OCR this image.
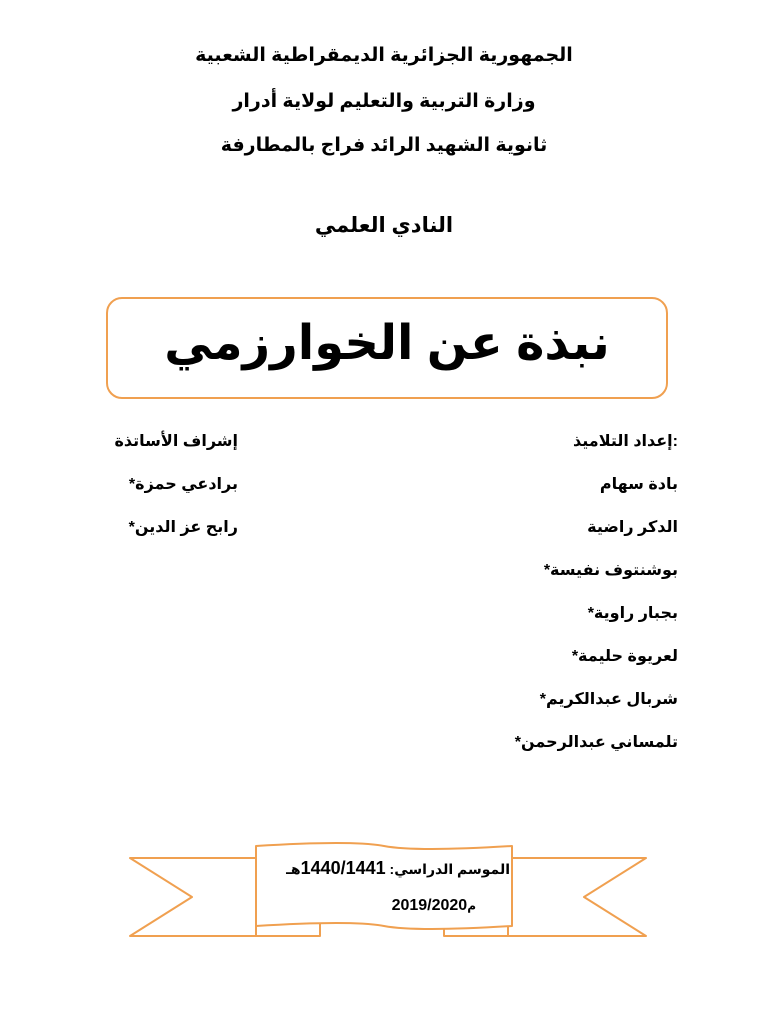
الجمهورية الجزائرية الديمقراطية الشعبية
وزارة التربية والتعليم لولاية أدرار
ثانوية الشهيد الرائد فراج بالمطارفة
النادي العلمي
نبذة عن الخوارزمي
:إعداد التلاميذ
بادة سهام
الدكر راضية
بوشنتوف نفيسة*
بجبار راوية*
لعريوة حليمة*
شربال عبدالكريم*
تلمساني عبدالرحمن*
إشراف الأساتذة
برادعي حمزة*
رابح عز الدين*
الموسم الدراسي: 1440/1441هـ
م2019/2020
